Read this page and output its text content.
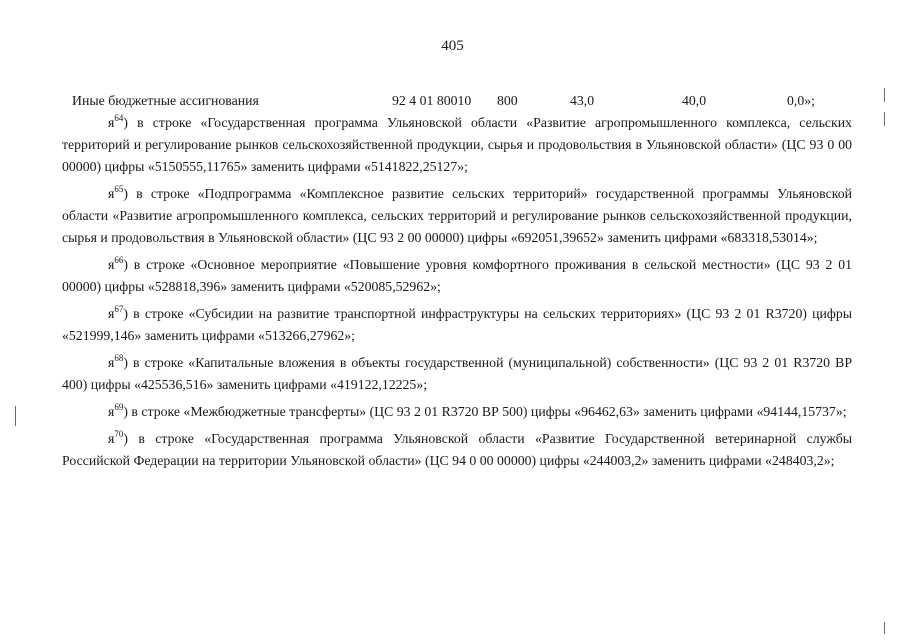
405
Иные бюджетные ассигнования	92 4 01 80010 800	43,0	40,0	0,0»;

$я^{64}$) в строке «Государственная программа Ульяновской области «Развитие агропромышленного комплекса, сельских территорий и регулирование рынков сельскохозяйственной продукции, сырья и продовольствия в Ульяновской области» (ЦС 93 0 00 00000) цифры «5150555,11765» заменить цифрами «5141822,25127»;

$я^{65}$) в строке «Подпрограмма «Комплексное развитие сельских территорий» государственной программы Ульяновской области «Развитие агропромышленного комплекса, сельских территорий и регулирование рынков сельскохозяйственной продукции, сырья и продовольствия в Ульяновской области» (ЦС 93 2 00 00000) цифры «692051,39652» заменить цифрами «683318,53014»;

$я^{66}$) в строке «Основное мероприятие «Повышение уровня комфортного проживания в сельской местности» (ЦС 93 2 01 00000) цифры «528818,396» заменить цифрами «520085,52962»;

$я^{67}$) в строке «Субсидии на развитие транспортной инфраструктуры на сельских территориях» (ЦС 93 2 01 R3720) цифры «521999,146» заменить цифрами «513266,27962»;

$я^{68}$) в строке «Капитальные вложения в объекты государственной (муниципальной) собственности» (ЦС 93 2 01 R3720 ВР 400) цифры «425536,516» заменить цифрами «419122,12225»;

$я^{69}$) в строке «Межбюджетные трансферты» (ЦС 93 2 01 R3720 ВР 500) цифры «96462,63» заменить цифрами «94144,15737»;

$я^{70}$) в строке «Государственная программа Ульяновской области «Развитие Государственной ветеринарной службы Российской Федерации на территории Ульяновской области» (ЦС 94 0 00 00000) цифры «244003,2» заменить цифрами «248403,2»;
